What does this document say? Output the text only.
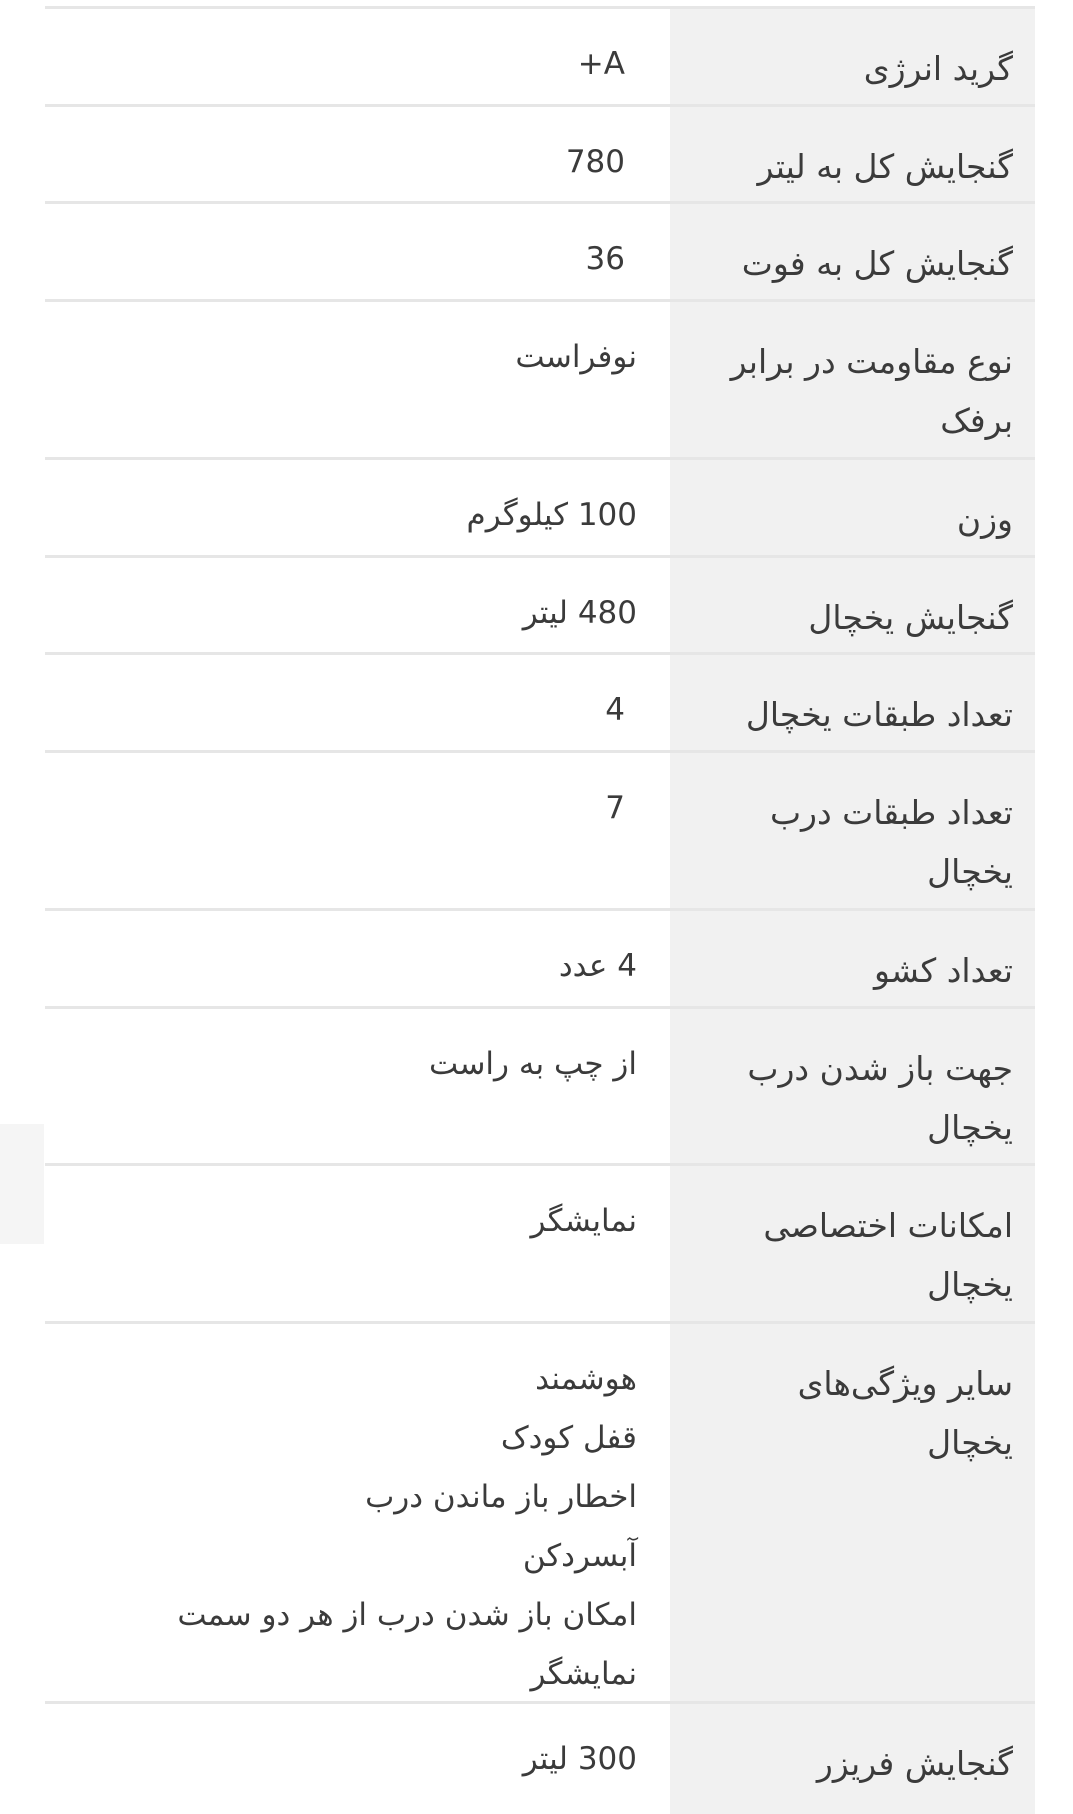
گرید انرژی
A+
گنجایش کل به لیتر
780
گنجایش کل به فوت
36
نوع مقاومت در برابر برفک
نوفراست
وزن
100 کیلوگرم
گنجایش یخچال
480 لیتر
تعداد طبقات یخچال
4
تعداد طبقات درب یخچال
7
تعداد کشو
4 عدد
جهت باز شدن درب یخچال
از چپ به راست
امکانات اختصاصی یخچال
نمایشگر
سایر ویژگی‌های یخچال
هوشمند
قفل کودک
اخطار باز ماندن درب
آبسردکن
امکان باز شدن درب از هر دو سمت
نمایشگر
گنجایش فریزر
300 لیتر
